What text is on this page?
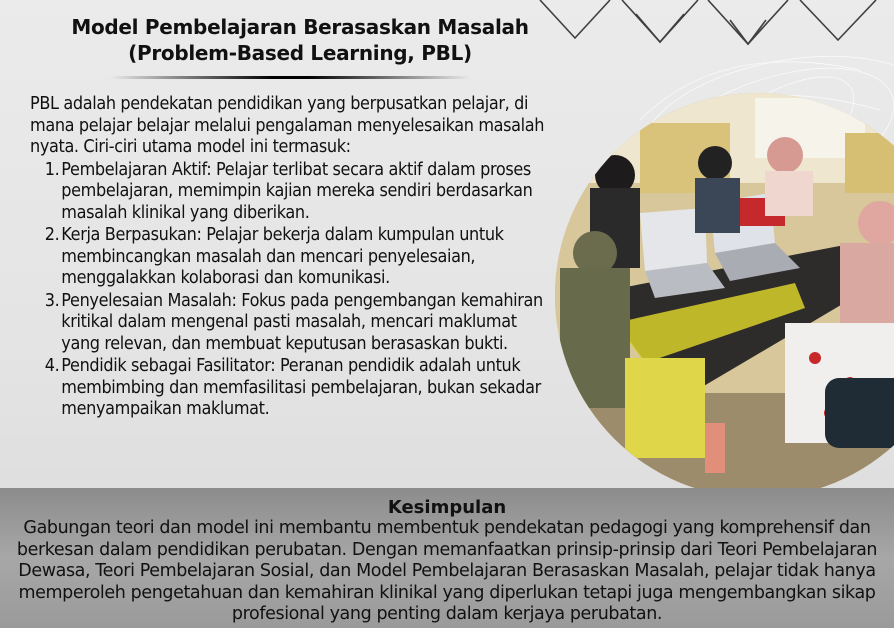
Model Pembelajaran Berasaskan Masalah
(Problem-Based Learning, PBL)
PBL adalah pendekatan pendidikan yang berpusatkan pelajar, di mana pelajar belajar melalui pengalaman menyelesaikan masalah nyata. Ciri-ciri utama model ini termasuk:
1. Pembelajaran Aktif: Pelajar terlibat secara aktif dalam proses pembelajaran, memimpin kajian mereka sendiri berdasarkan masalah klinikal yang diberikan.
2. Kerja Berpasukan: Pelajar bekerja dalam kumpulan untuk membincangkan masalah dan mencari penyelesaian, menggalakkan kolaborasi dan komunikasi.
3. Penyelesaian Masalah: Fokus pada pengembangan kemahiran kritikal dalam mengenal pasti masalah, mencari maklumat yang relevan, dan membuat keputusan berasaskan bukti.
4. Pendidik sebagai Fasilitator: Peranan pendidik adalah untuk membimbing dan memfasilitasi pembelajaran, bukan sekadar menyampaikan maklumat.
Kesimpulan
Gabungan teori dan model ini membantu membentuk pendekatan pedagogi yang komprehensif dan berkesan dalam pendidikan perubatan. Dengan memanfaatkan prinsip-prinsip dari Teori Pembelajaran Dewasa, Teori Pembelajaran Sosial, dan Model Pembelajaran Berasaskan Masalah, pelajar tidak hanya memperoleh pengetahuan dan kemahiran klinikal yang diperlukan tetapi juga mengembangkan sikap profesional yang penting dalam kerjaya perubatan.
